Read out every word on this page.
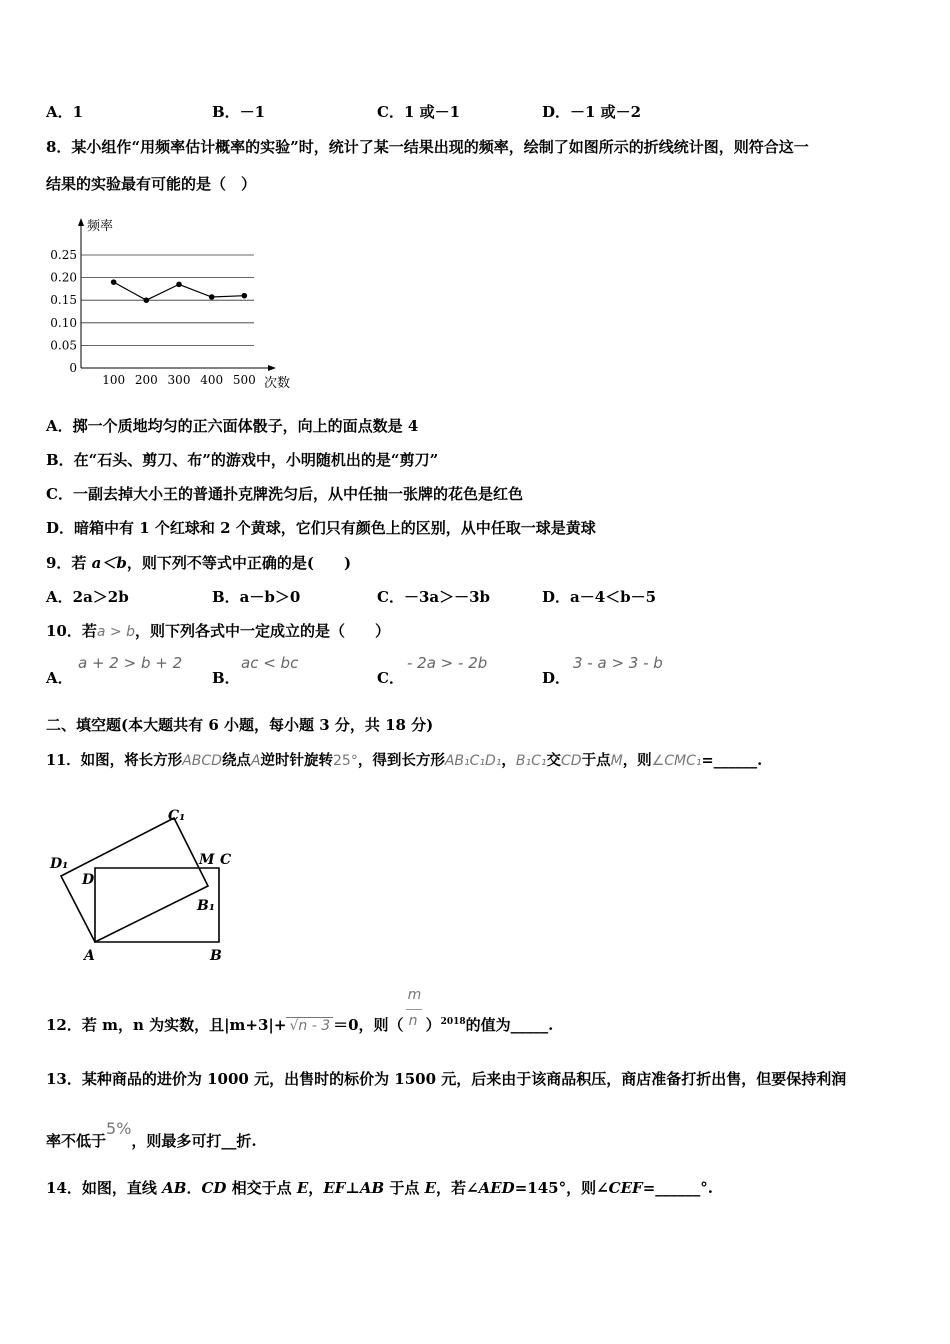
A．1	B．－1	C．1 或－1	D．－1 或－2
8．某小组作“用频率估计概率的实验”时，统计了某一结果出现的频率，绘制了如图所示的折线统计图，则符合这一
结果的实验最有可能的是（　）
0.25
0.20
0.15
0.10
0.05
0
频率
次数
100 200 300 400 500
A．掷一个质地均匀的正六面体骰子，向上的面点数是 4
B．在“石头、剪刀、布”的游戏中，小明随机出的是“剪刀”
C．一副去掉大小王的普通扑克牌洗匀后，从中任抽一张牌的花色是红色
D．暗箱中有 1 个红球和 2 个黄球，它们只有颜色上的区别，从中任取一球是黄球
9．若 a＜b，则下列不等式中正确的是(　　)
A．2a＞2b	B．a－b＞0	C．－3a＞－3b	D．a－4＜b－5
10．若a > b，则下列各式中一定成立的是（　　）
A．
a + 2 > b + 2
B．
ac < bc
C．
- 2a > - 2b
D．
3 - a > 3 - b
二、填空题(本大题共有 6 小题，每小题 3 分，共 18 分)
11．如图，将长方形ABCD绕点A逆时针旋转25°，得到长方形AB₁C₁D₁，B₁C₁交CD于点M，则∠CMC₁=______.
C₁
D₁	M C
D
B₁
A	B
12．若 m，n 为实数，且|m+3|+ √n - 3 ＝0，则（ $\frac{m}{n} )^{2018}$的值为_____.
13．某种商品的进价为 1000 元，出售时的标价为 1500 元，后来由于该商品积压，商店准备打折出售，但要保持利润
率不低于5%，则最多可打__折.
14．如图，直线 AB．CD 相交于点 E，EF⊥AB 于点 E，若∠AED=145°，则∠CEF=______°.
